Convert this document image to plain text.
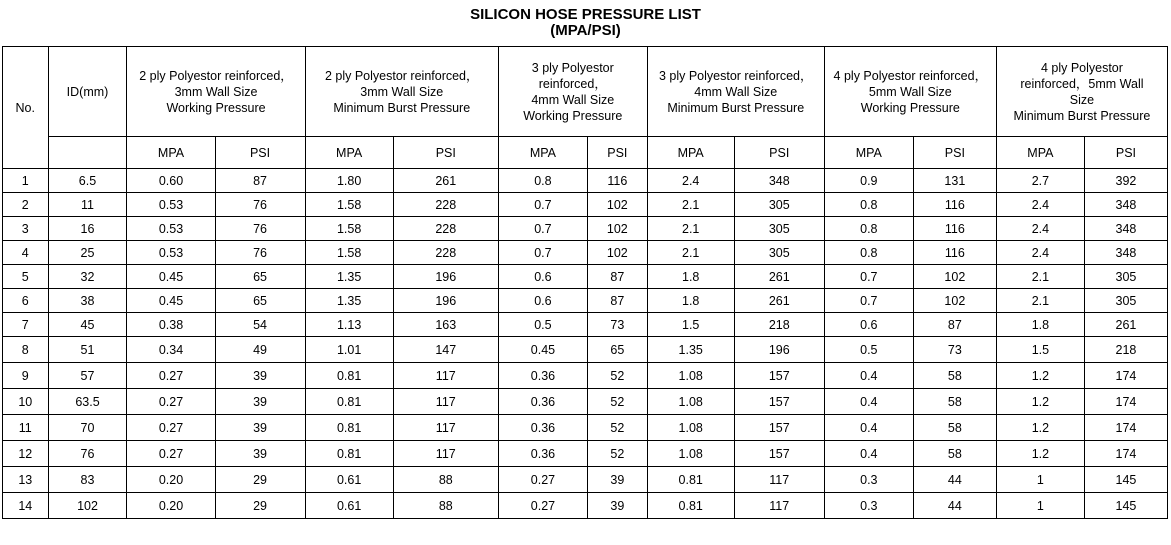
SILICON HOSE PRESSURE LIST
(MPA/PSI)
No.	ID(mm)	2 ply Polyestor reinforced，
3mm Wall Size
Working Pressure		2 ply Polyestor reinforced，
3mm Wall Size
Minimum Burst Pressure		3 ply Polyestor
reinforced，
4mm Wall Size
Working Pressure		3 ply Polyestor reinforced，
4mm Wall Size
Minimum Burst Pressure		4 ply Polyestor reinforced，
5mm Wall Size
Working Pressure		4 ply Polyestor
reinforced，5mm Wall
Size
Minimum Burst Pressure	
		MPA	PSI	MPA	PSI	MPA	PSI	MPA	PSI	MPA	PSI	MPA	PSI
1	6.5	0.60	87	1.80	261	0.8	116	2.4	348	0.9	131	2.7	392
2	11	0.53	76	1.58	228	0.7	102	2.1	305	0.8	116	2.4	348
3	16	0.53	76	1.58	228	0.7	102	2.1	305	0.8	116	2.4	348
4	25	0.53	76	1.58	228	0.7	102	2.1	305	0.8	116	2.4	348
5	32	0.45	65	1.35	196	0.6	87	1.8	261	0.7	102	2.1	305
6	38	0.45	65	1.35	196	0.6	87	1.8	261	0.7	102	2.1	305
7	45	0.38	54	1.13	163	0.5	73	1.5	218	0.6	87	1.8	261
8	51	0.34	49	1.01	147	0.45	65	1.35	196	0.5	73	1.5	218
9	57	0.27	39	0.81	117	0.36	52	1.08	157	0.4	58	1.2	174
10	63.5	0.27	39	0.81	117	0.36	52	1.08	157	0.4	58	1.2	174
11	70	0.27	39	0.81	117	0.36	52	1.08	157	0.4	58	1.2	174
12	76	0.27	39	0.81	117	0.36	52	1.08	157	0.4	58	1.2	174
13	83	0.20	29	0.61	88	0.27	39	0.81	117	0.3	44	1	145
14	102	0.20	29	0.61	88	0.27	39	0.81	117	0.3	44	1	145
